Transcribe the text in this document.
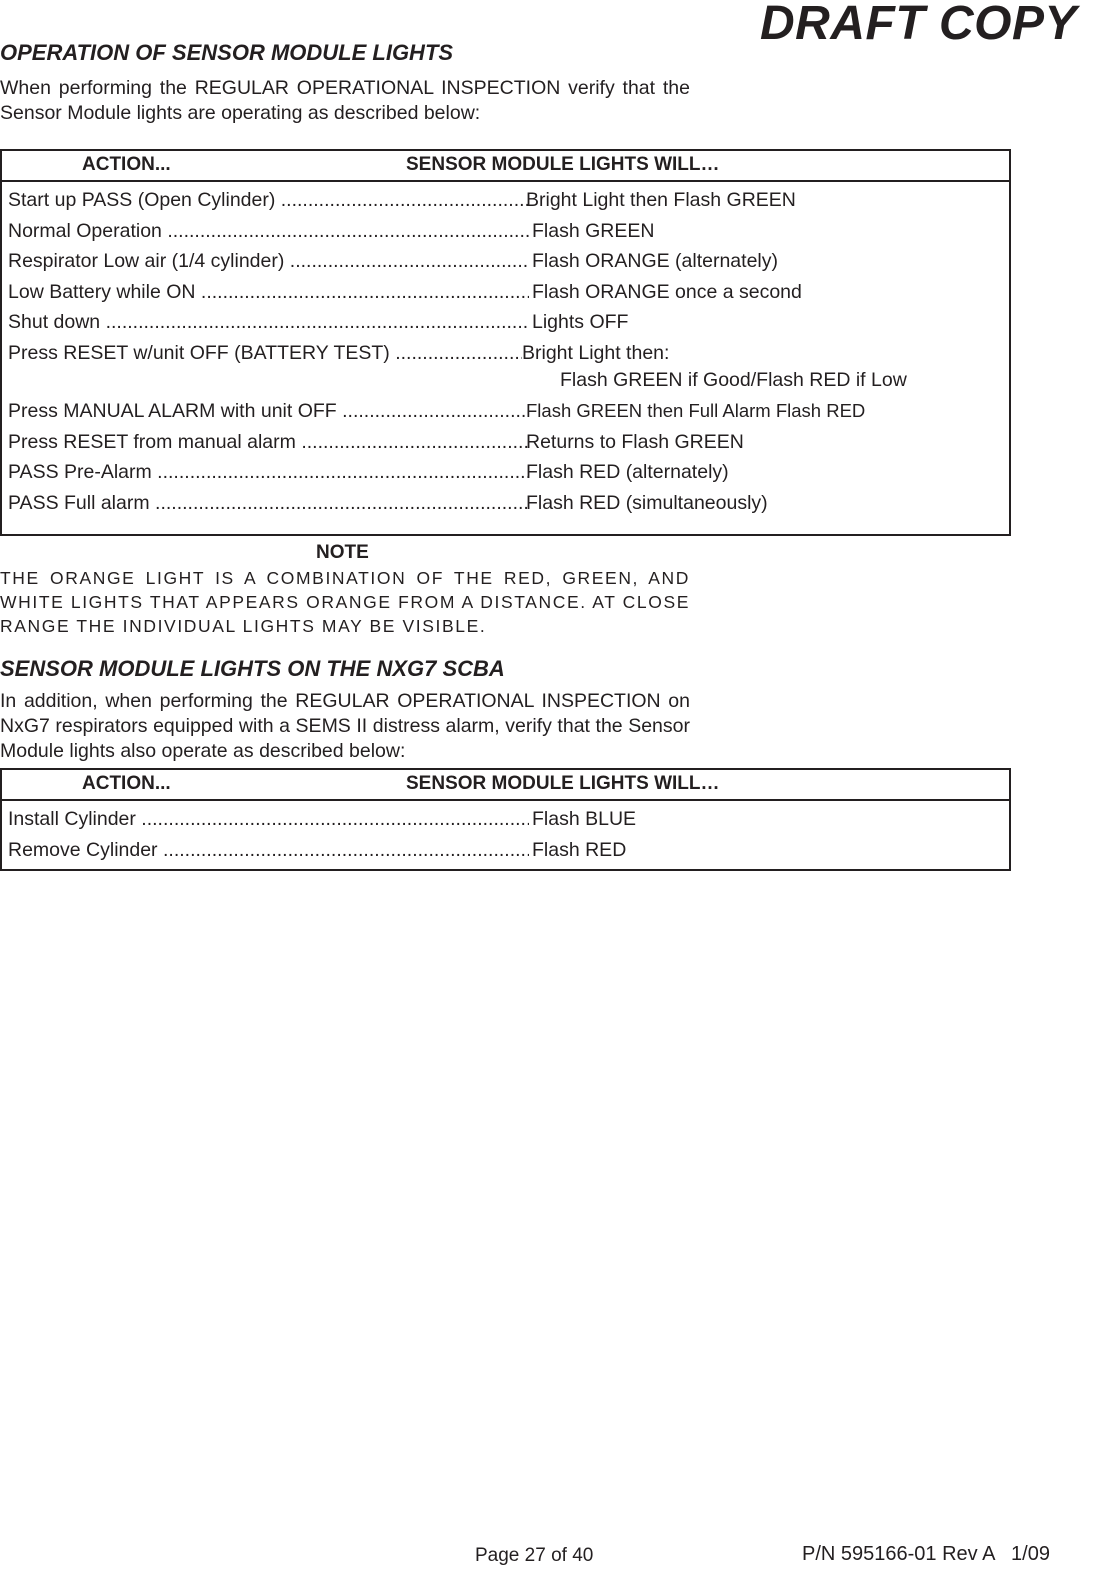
DRAFT COPY
OPERATION OF SENSOR MODULE LIGHTS
When performing the REGULAR OPERATIONAL INSPECTION verify that the Sensor Module lights are operating as described below:
ACTION...	SENSOR MODULE LIGHTS WILL…
Start up PASS (Open Cylinder) .....	Bright Light then Flash GREEN
Normal Operation .....	Flash GREEN
Respirator Low air (1/4 cylinder) .....	Flash ORANGE (alternately)
Low Battery while ON .....	Flash ORANGE once a second
Shut down .....	Lights OFF
Press RESET w/unit OFF (BATTERY TEST) .....	Bright Light then:
Flash GREEN if Good/Flash RED if Low
Press MANUAL ALARM with unit OFF .....	Flash GREEN then Full Alarm Flash RED
Press RESET from manual alarm .....	Returns to Flash GREEN
PASS Pre-Alarm .....	Flash RED (alternately)
PASS Full alarm .....	Flash RED (simultaneously)
NOTE
THE ORANGE LIGHT IS A COMBINATION OF THE RED, GREEN, AND WHITE LIGHTS THAT APPEARS ORANGE FROM A DISTANCE. AT CLOSE RANGE THE INDIVIDUAL LIGHTS MAY BE VISIBLE.
SENSOR MODULE LIGHTS ON THE NXG7 SCBA
In addition, when performing the REGULAR OPERATIONAL INSPECTION on NxG7 respirators equipped with a SEMS II distress alarm, verify that the Sensor Module lights also operate as described below:
ACTION...	SENSOR MODULE LIGHTS WILL…
Install Cylinder .....	Flash BLUE
Remove Cylinder .....	Flash RED
Page 27 of 40	P/N 595166-01 Rev A   1/09
